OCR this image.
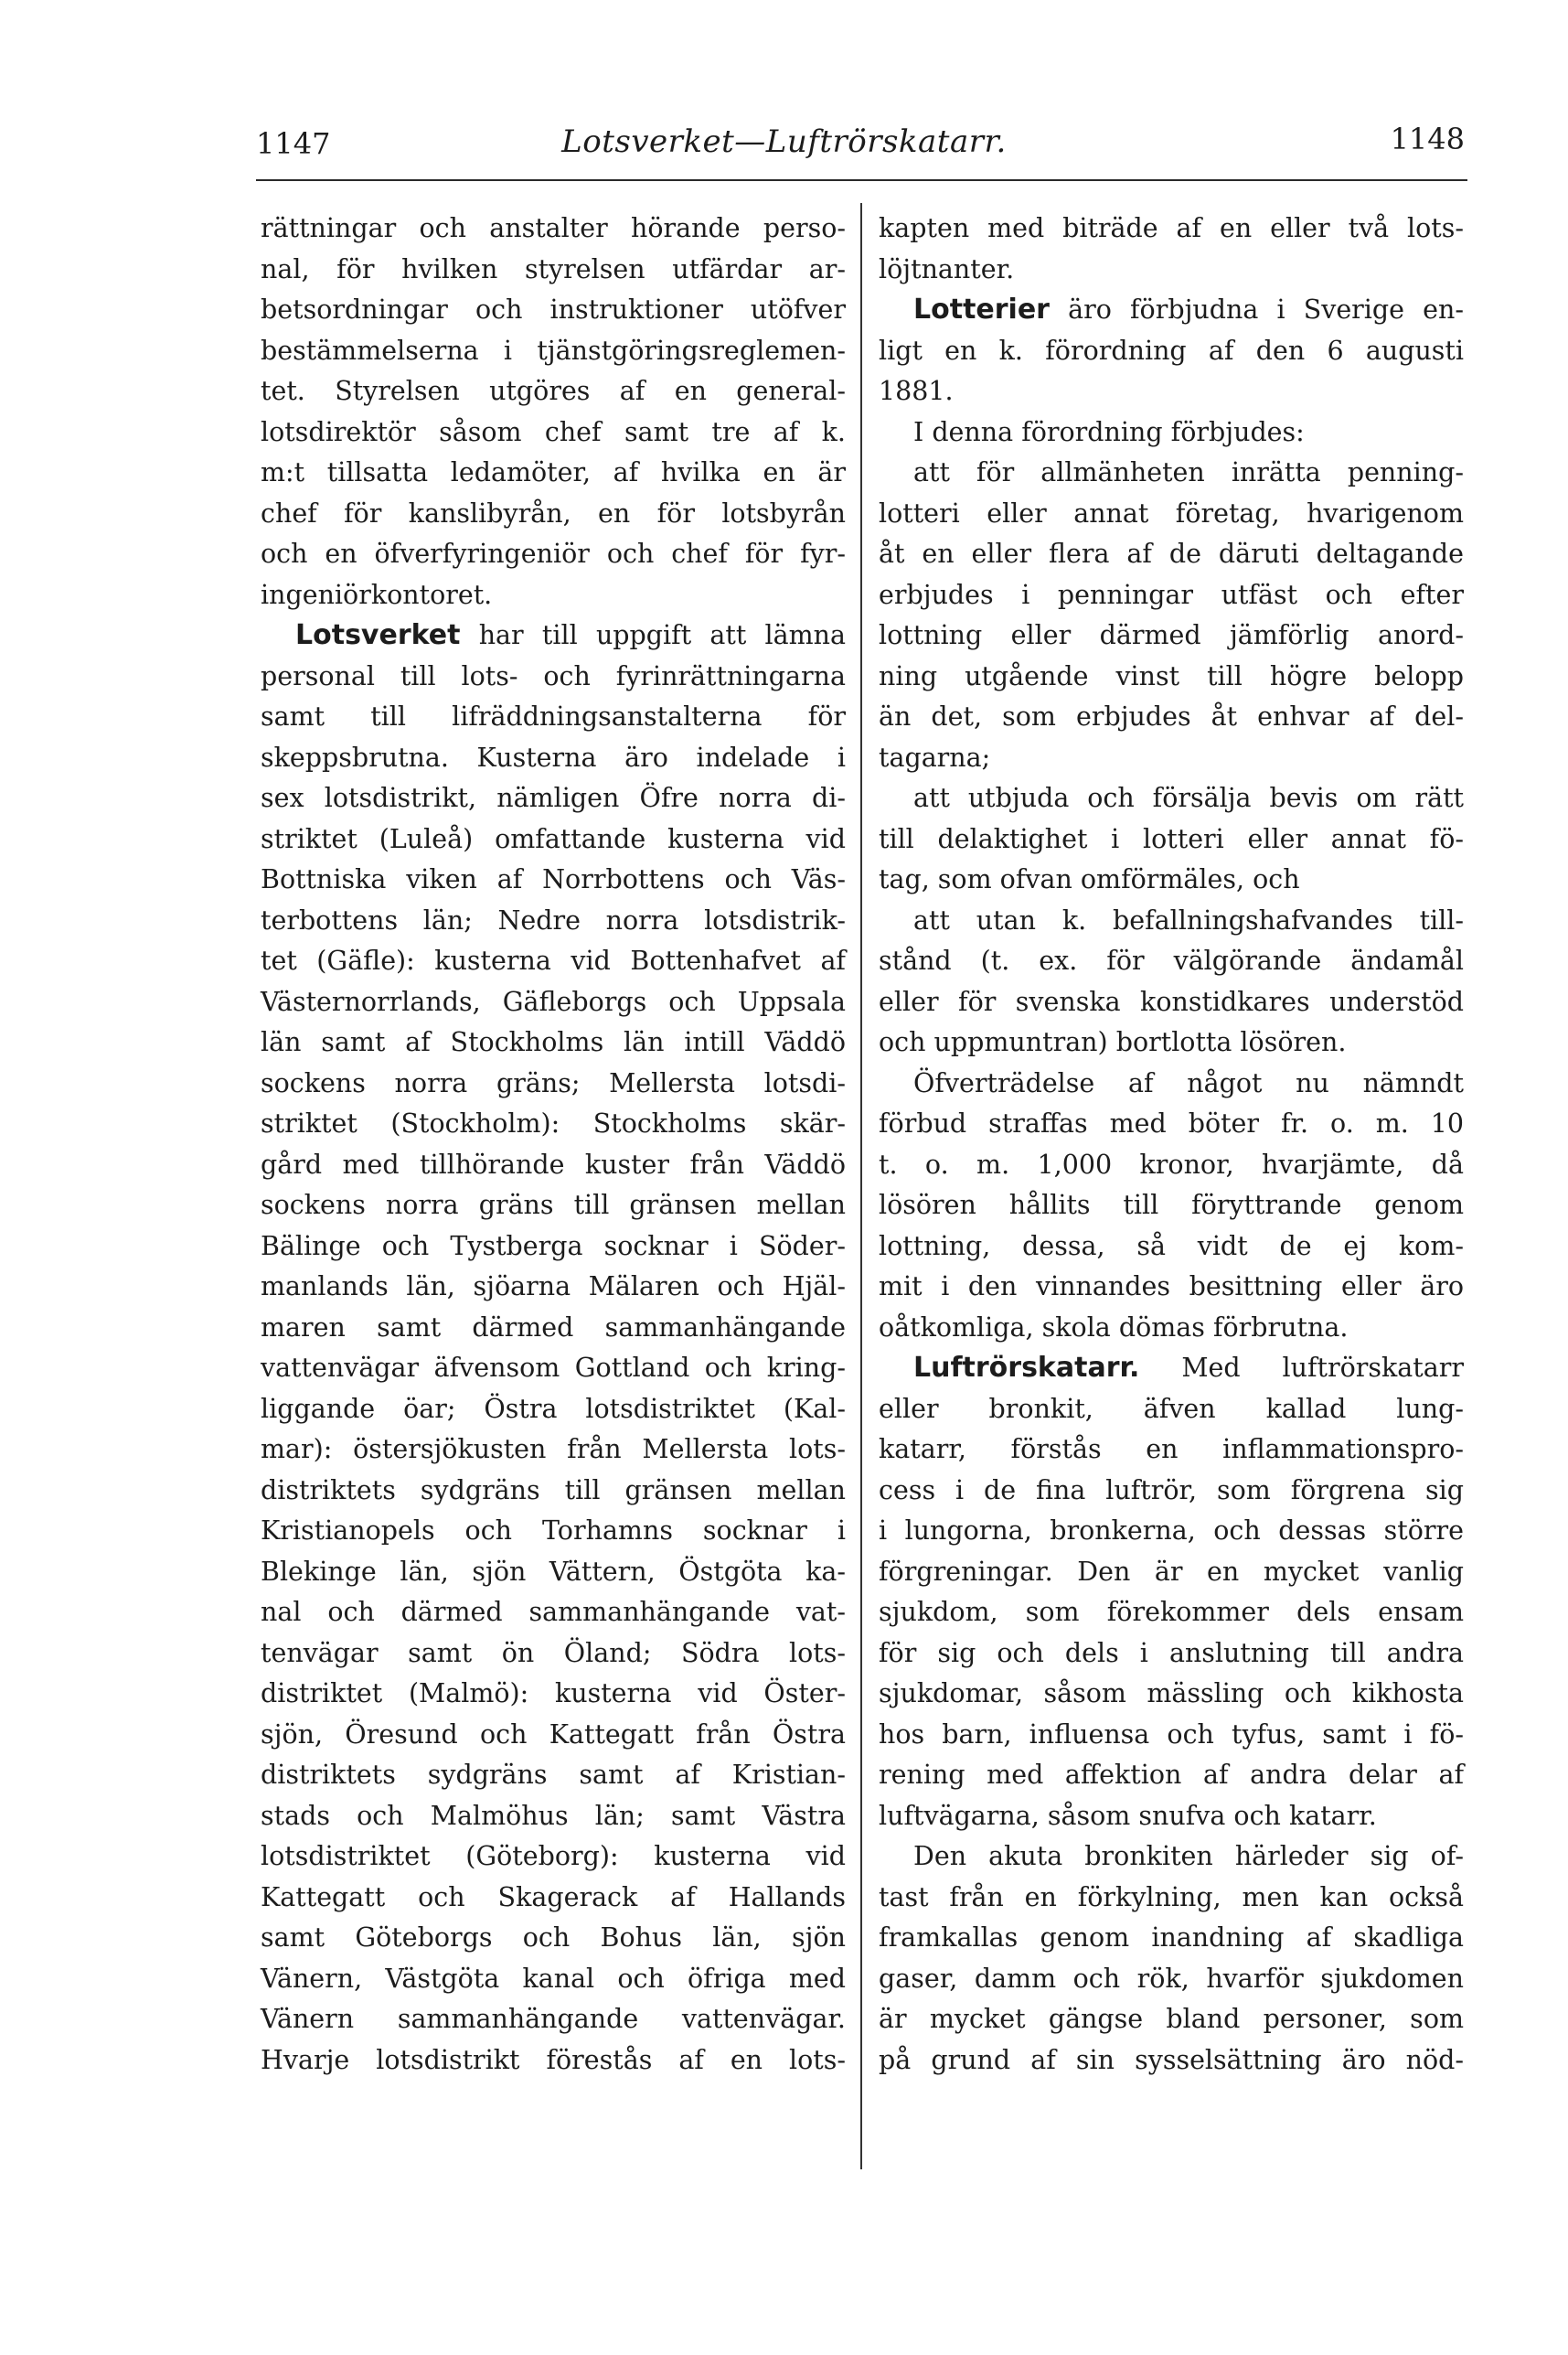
1147	Lotsverket—Luftrörskatarr.	1148
rättningar och anstalter hörande perso-
nal, för hvilken styrelsen utfärdar ar-
betsordningar och instruktioner utöfver
bestämmelserna i tjänstgöringsreglemen-
tet. Styrelsen utgöres af en general-
lotsdirektör såsom chef samt tre af k.
m:t tillsatta ledamöter, af hvilka en är
chef för kanslibyrån, en för lotsbyrån
och en öfverfyringeniör och chef för fyr-
ingeniörkontoret.
Lotsverket har till uppgift att lämna
personal till lots- och fyrinrättningarna
samt till lifräddningsanstalterna för
skeppsbrutna. Kusterna äro indelade i
sex lotsdistrikt, nämligen Öfre norra di-
striktet (Luleå) omfattande kusterna vid
Bottniska viken af Norrbottens och Väs-
terbottens län; Nedre norra lotsdistrik-
tet (Gäfle): kusterna vid Bottenhafvet af
Västernorrlands, Gäfleborgs och Uppsala
län samt af Stockholms län intill Väddö
sockens norra gräns; Mellersta lotsdi-
striktet (Stockholm): Stockholms skär-
gård med tillhörande kuster från Väddö
sockens norra gräns till gränsen mellan
Bälinge och Tystberga socknar i Söder-
manlands län, sjöarna Mälaren och Hjäl-
maren samt därmed sammanhängande
vattenvägar äfvensom Gottland och kring-
liggande öar; Östra lotsdistriktet (Kal-
mar): östersjökusten från Mellersta lots-
distriktets sydgräns till gränsen mellan
Kristianopels och Torhamns socknar i
Blekinge län, sjön Vättern, Östgöta ka-
nal och därmed sammanhängande vat-
tenvägar samt ön Öland; Södra lots-
distriktet (Malmö): kusterna vid Öster-
sjön, Öresund och Kattegatt från Östra
distriktets sydgräns samt af Kristian-
stads och Malmöhus län; samt Västra
lotsdistriktet (Göteborg): kusterna vid
Kattegatt och Skagerack af Hallands
samt Göteborgs och Bohus län, sjön
Vänern, Västgöta kanal och öfriga med
Vänern sammanhängande vattenvägar.
Hvarje lotsdistrikt förestås af en lots-
kapten med biträde af en eller två lots-
löjtnanter.
Lotterier äro förbjudna i Sverige en-
ligt en k. förordning af den 6 augusti
1881.
I denna förordning förbjudes:
att för allmänheten inrätta penning-
lotteri eller annat företag, hvarigenom
åt en eller flera af de däruti deltagande
erbjudes i penningar utfäst och efter
lottning eller därmed jämförlig anord-
ning utgående vinst till högre belopp
än det, som erbjudes åt enhvar af del-
tagarna;
att utbjuda och försälja bevis om rätt
till delaktighet i lotteri eller annat fö-
tag, som ofvan omförmäles, och
att utan k. befallningshafvandes till-
stånd (t. ex. för välgörande ändamål
eller för svenska konstidkares understöd
och uppmuntran) bortlotta lösören.
Öfverträdelse af något nu nämndt
förbud straffas med böter fr. o. m. 10
t. o. m. 1,000 kronor, hvarjämte, då
lösören hållits till föryttrande genom
lottning, dessa, så vidt de ej kom-
mit i den vinnandes besittning eller äro
oåtkomliga, skola dömas förbrutna.
Luftrörskatarr. Med luftrörskatarr
eller bronkit, äfven kallad lung-
katarr, förstås en inflammationspro-
cess i de fina luftrör, som förgrena sig
i lungorna, bronkerna, och dessas större
förgreningar. Den är en mycket vanlig
sjukdom, som förekommer dels ensam
för sig och dels i anslutning till andra
sjukdomar, såsom mässling och kikhosta
hos barn, influensa och tyfus, samt i fö-
rening med affektion af andra delar af
luftvägarna, såsom snufva och katarr.
Den akuta bronkiten härleder sig of-
tast från en förkylning, men kan också
framkallas genom inandning af skadliga
gaser, damm och rök, hvarför sjukdomen
är mycket gängse bland personer, som
på grund af sin sysselsättning äro nöd-
